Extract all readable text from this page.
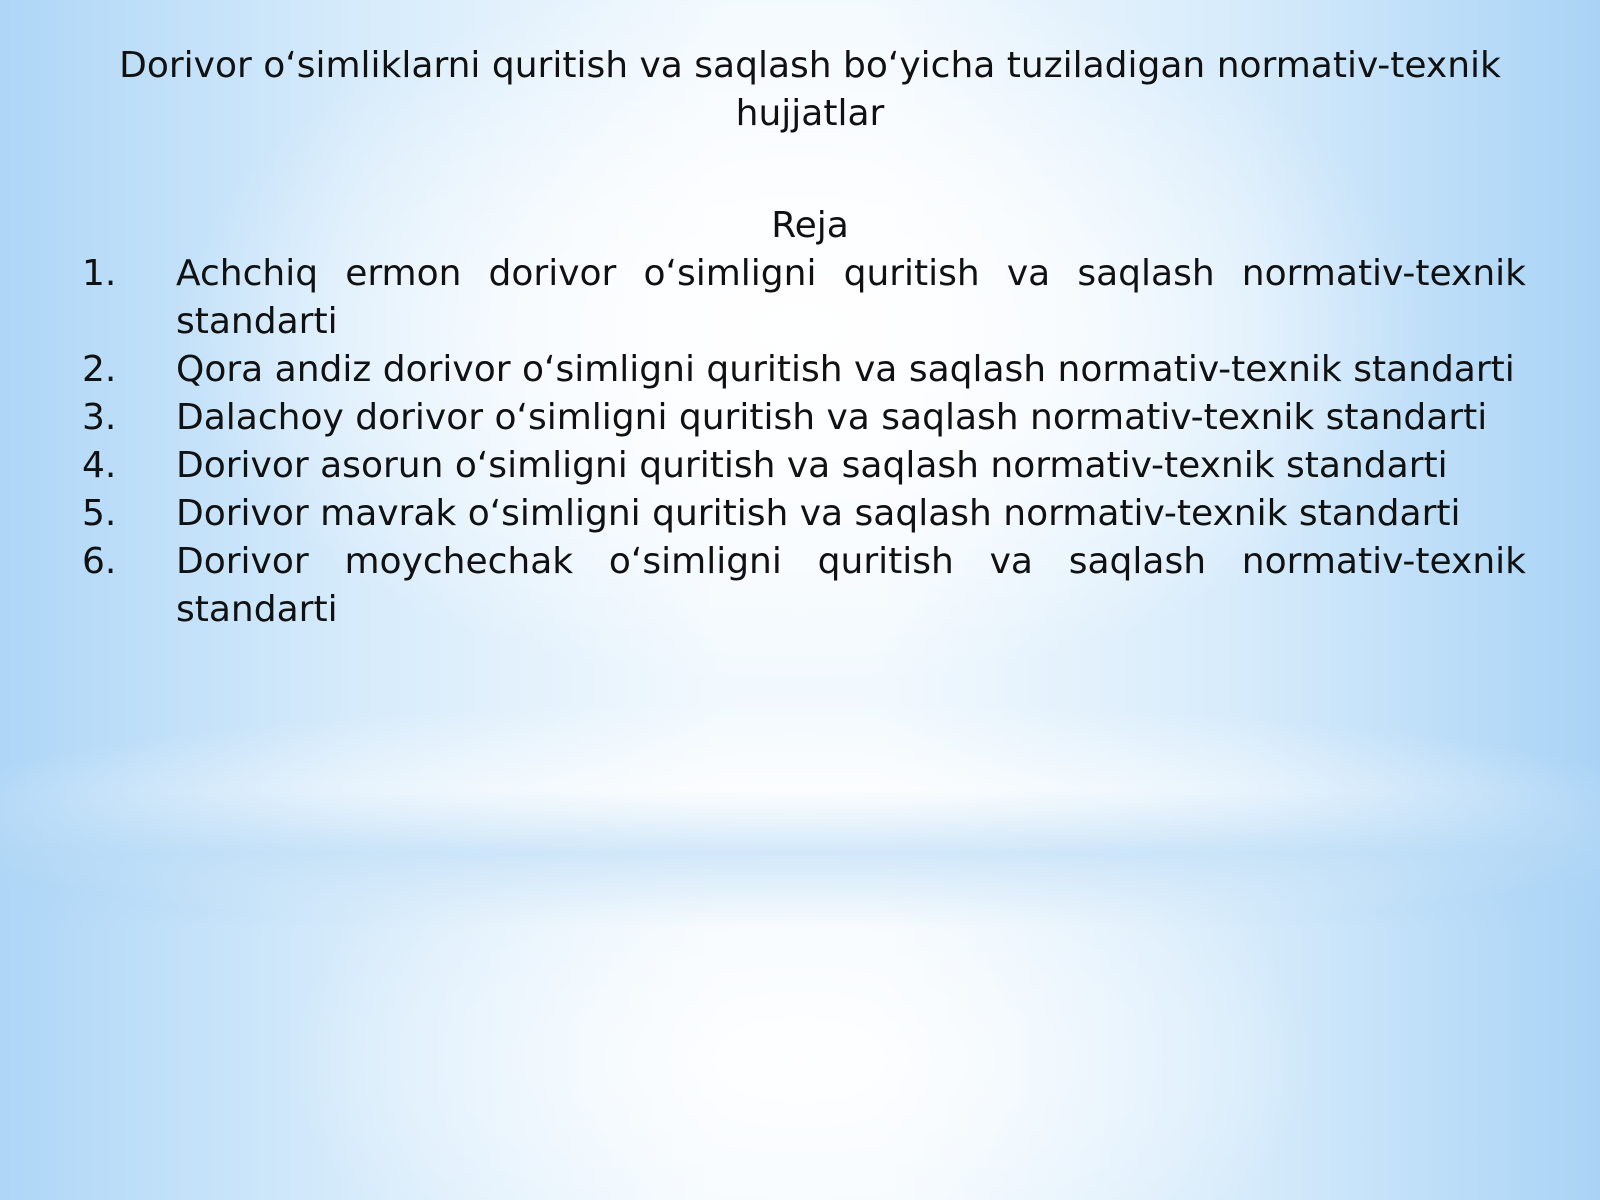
Dorivor o‘simliklarni quritish va saqlash bo‘yicha tuziladigan normativ-texnik hujjatlar
Reja
1.	Achchiq ermon dorivor o‘simligni quritish va saqlash normativ-texnik standarti
2.	Qora andiz dorivor o‘simligni quritish va saqlash normativ-texnik standarti
3.	Dalachoy dorivor o‘simligni quritish va saqlash normativ-texnik standarti
4.	Dorivor asorun o‘simligni quritish va saqlash normativ-texnik standarti
5.	Dorivor mavrak o‘simligni quritish va saqlash normativ-texnik standarti
6.	Dorivor moychechak o‘simligni quritish va saqlash normativ-texnik standarti
